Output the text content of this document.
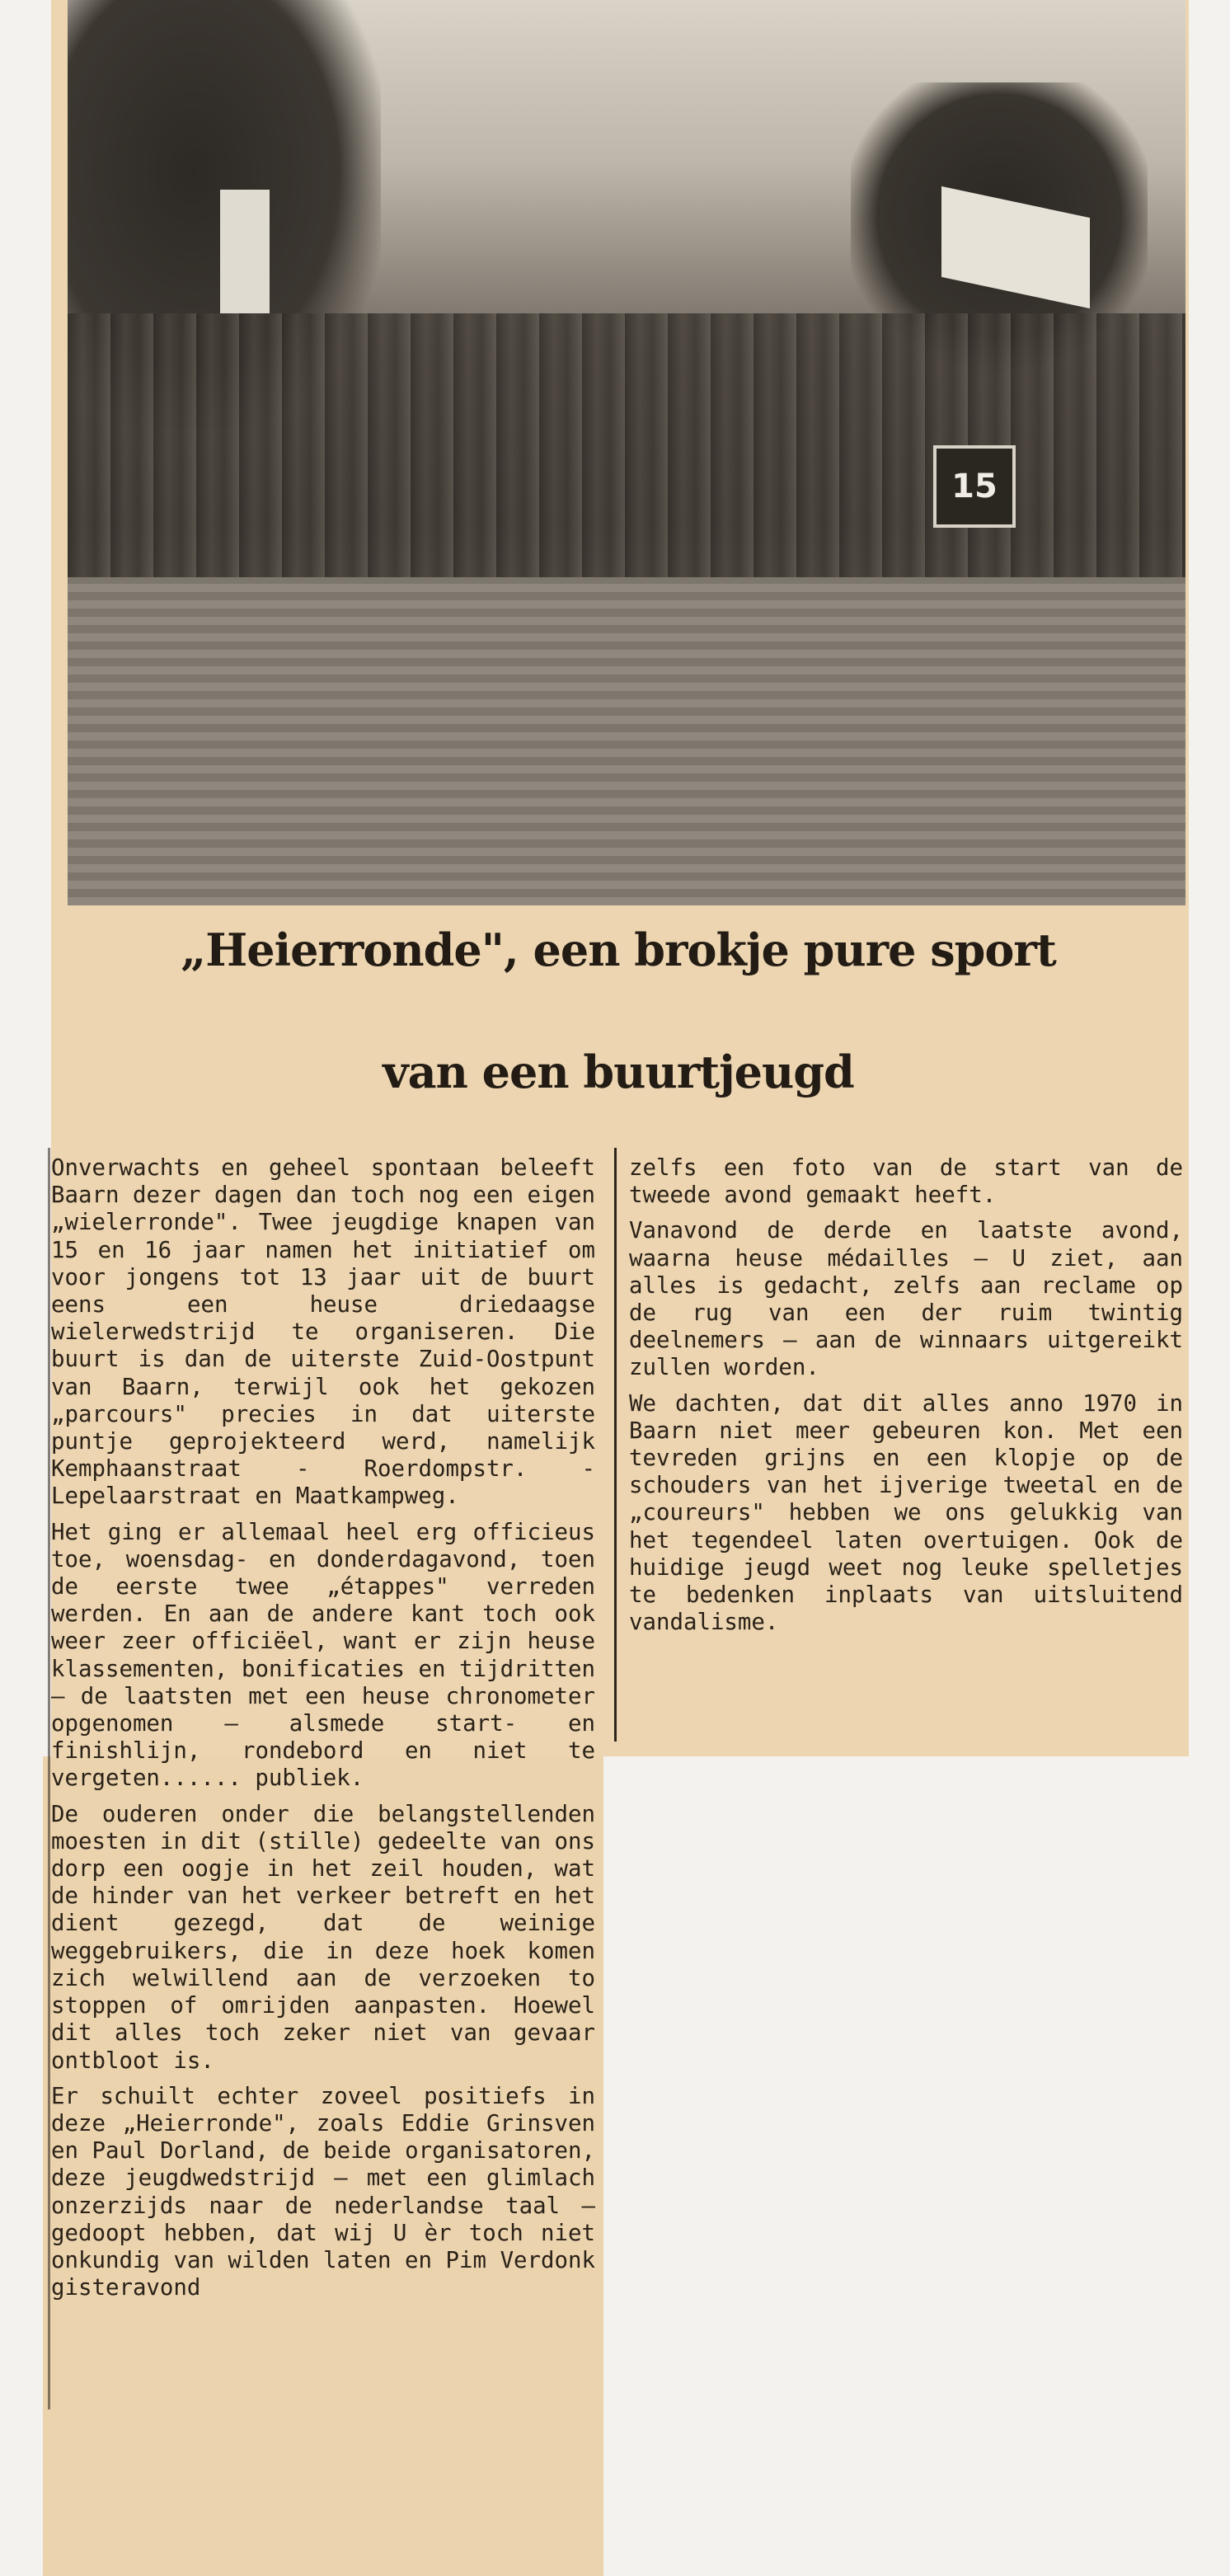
15
„Heierronde", een brokje pure sport
van een buurtjeugd

Onverwachts en geheel spontaan beleeft Baarn dezer dagen dan toch nog een eigen „wielerronde". Twee jeugdige knapen van 15 en 16 jaar namen het initiatief om voor jongens tot 13 jaar uit de buurt eens een heuse driedaagse wielerwedstrijd te organiseren. Die buurt is dan de uiterste Zuid-Oostpunt van Baarn, terwijl ook het gekozen „parcours" precies in dat uiterste puntje geprojekteerd werd, namelijk Kemphaanstraat - Roerdompstr. - Lepelaarstraat en Maatkampweg.

Het ging er allemaal heel erg officieus toe, woensdag- en donderdagavond, toen de eerste twee „étappes" verreden werden. En aan de andere kant toch ook weer zeer officiëel, want er zijn heuse klassementen, bonificaties en tijdritten — de laatsten met een heuse chronometer opgenomen — alsmede start- en finishlijn, rondebord en niet te vergeten...... publiek.

De ouderen onder die belangstellenden moesten in dit (stille) gedeelte van ons dorp een oogje in het zeil houden, wat de hinder van het verkeer betreft en het dient gezegd, dat de weinige weggebruikers, die in deze hoek komen zich welwillend aan de verzoeken to stoppen of omrijden aanpasten. Hoewel dit alles toch zeker niet van gevaar ontbloot is.

Er schuilt echter zoveel positiefs in deze „Heierronde", zoals Eddie Grinsven en Paul Dorland, de beide organisatoren, deze jeugdwedstrijd — met een glimlach onzerzijds naar de nederlandse taal — gedoopt hebben, dat wij U èr toch niet onkundig van wilden laten en Pim Verdonk gisteravond

zelfs een foto van de start van de tweede avond gemaakt heeft.

Vanavond de derde en laatste avond, waarna heuse médailles — U ziet, aan alles is gedacht, zelfs aan reclame op de rug van een der ruim twintig deelnemers — aan de winnaars uitgereikt zullen worden.

We dachten, dat dit alles anno 1970 in Baarn niet meer gebeuren kon. Met een tevreden grijns en een klopje op de schouders van het ijverige tweetal en de „coureurs" hebben we ons gelukkig van het tegendeel laten overtuigen. Ook de huidige jeugd weet nog leuke spelletjes te bedenken inplaats van uitsluitend vandalisme.
